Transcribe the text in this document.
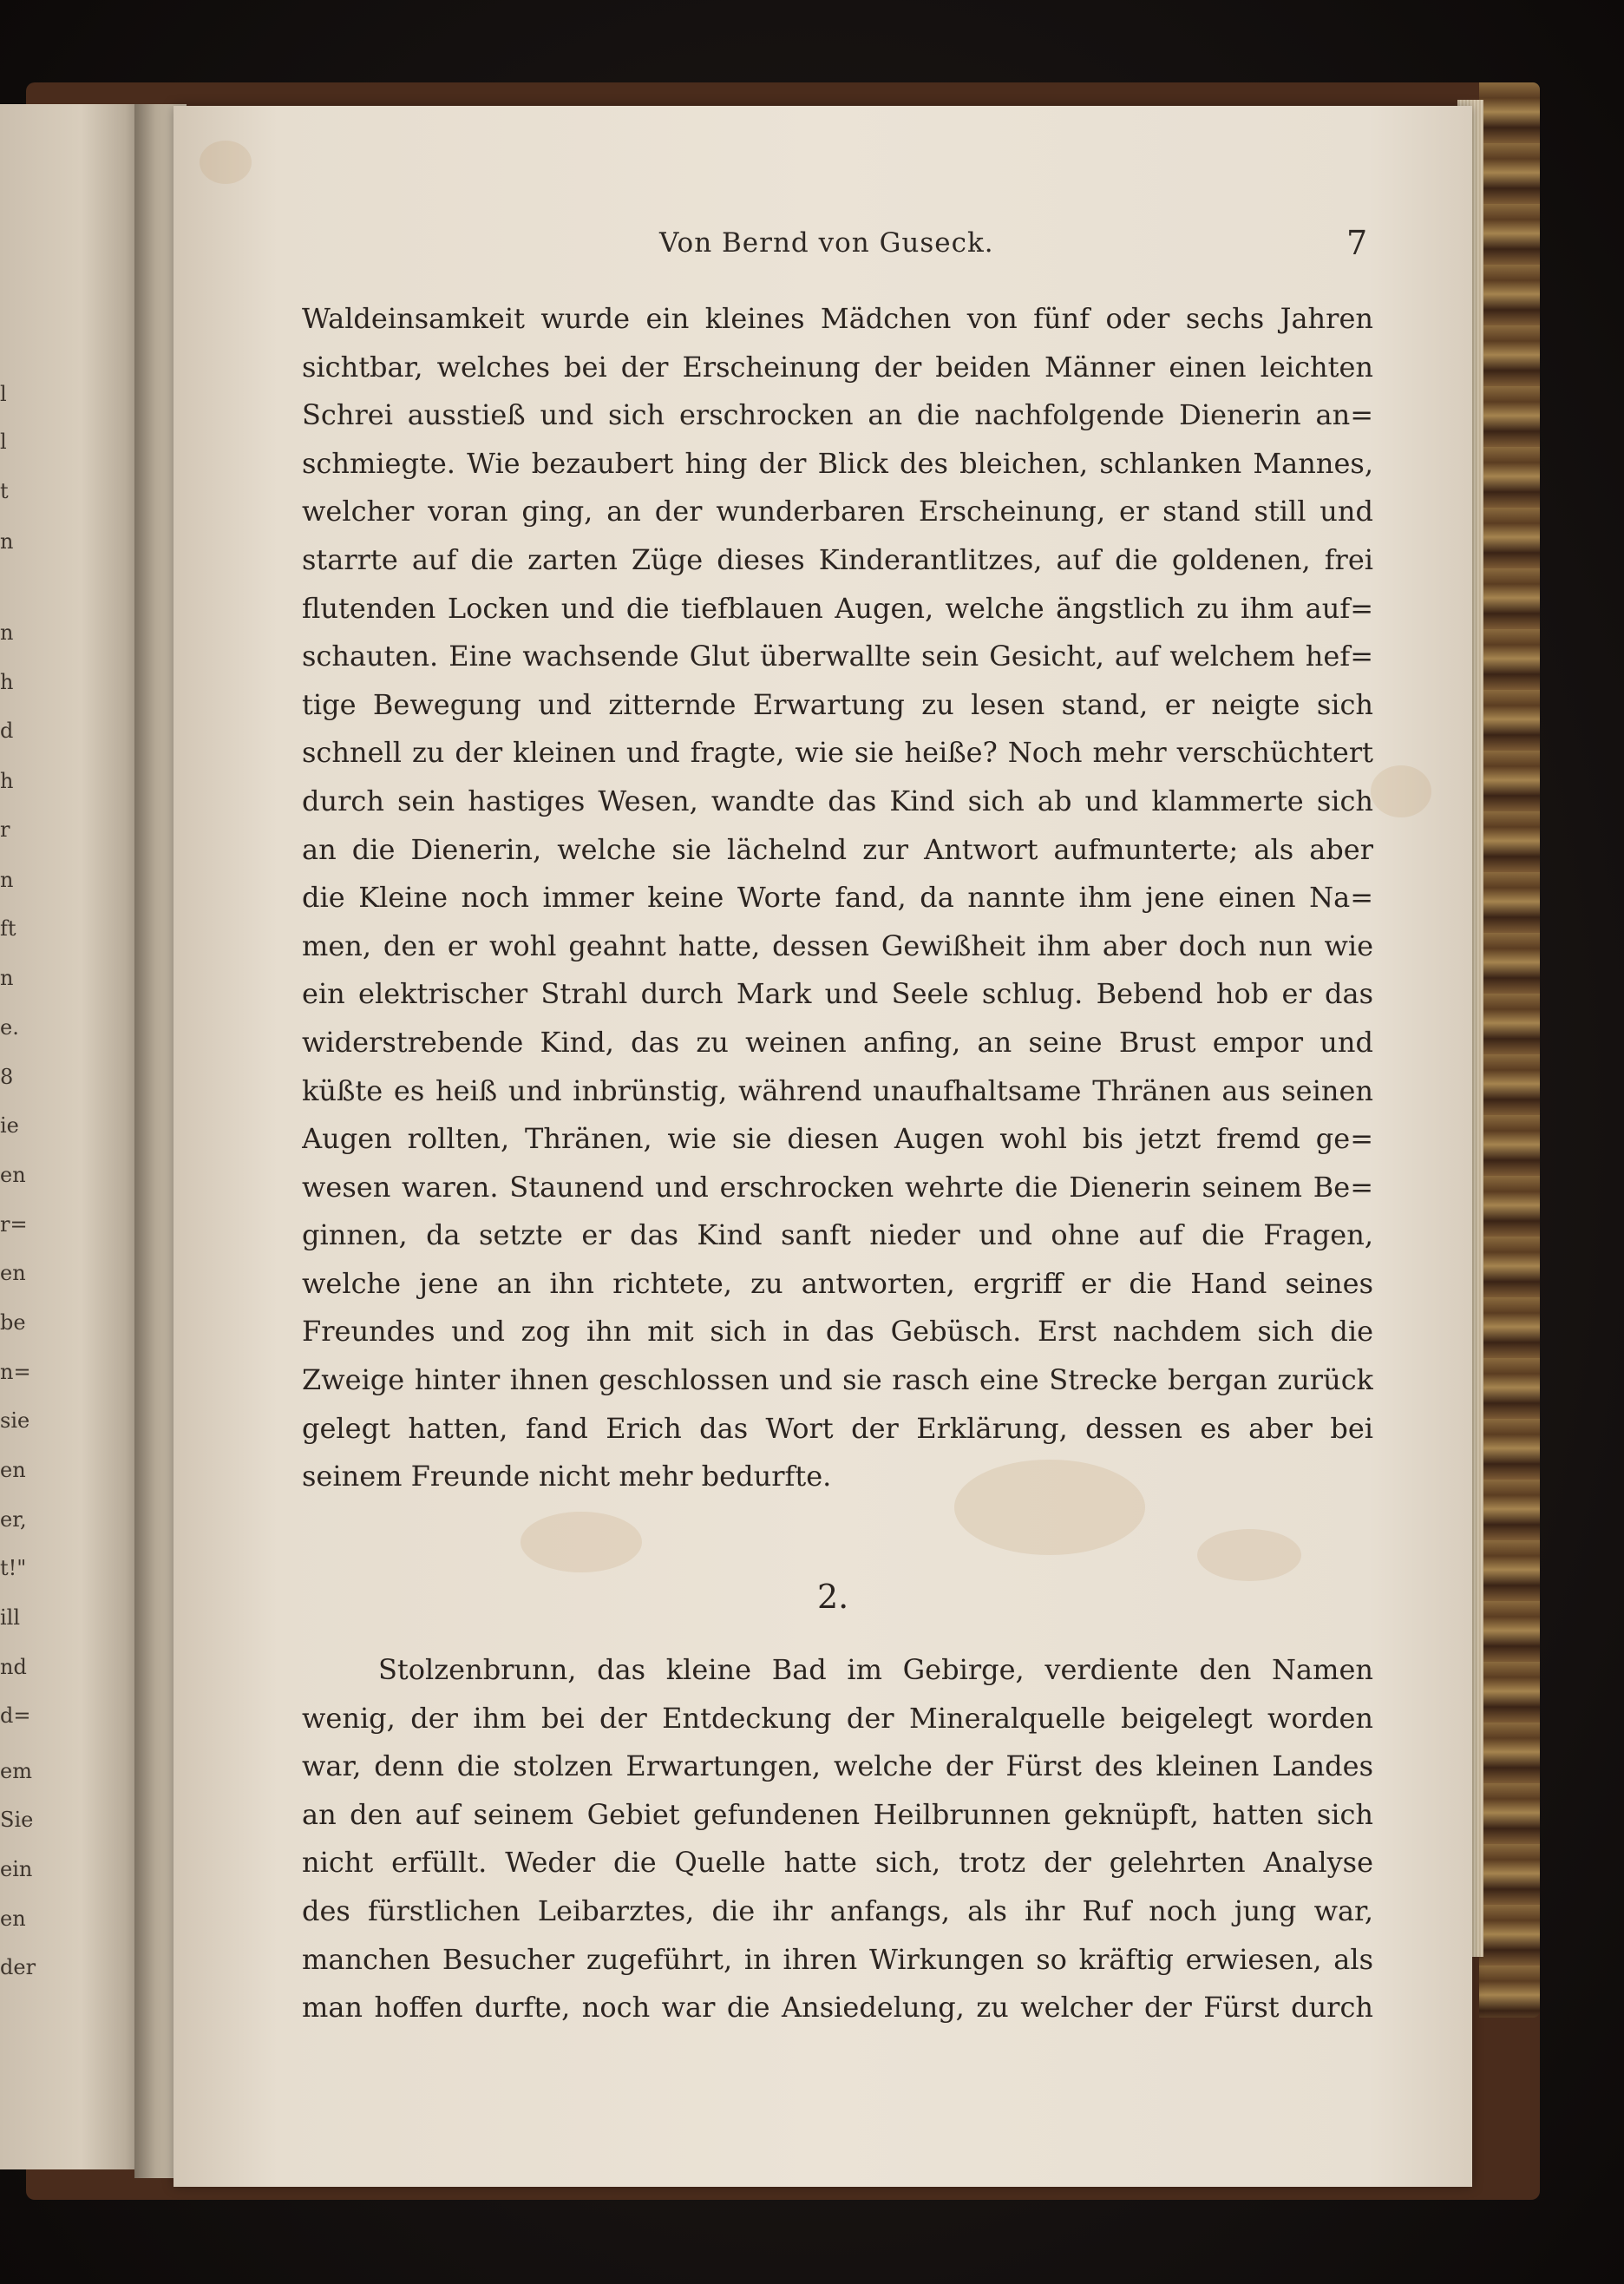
l
l
t
n
n
h
d
h
r
n
ft
n
e.
8
ie
en
r=
en
be
n=
sie
en
er,
t!"
ill
nd
d=
em
Sie
ein
en
der
Von Bernd von Guseck.	7
Waldeinsamkeit wurde ein kleines Mädchen von fünf oder sechs Jahren
sichtbar, welches bei der Erscheinung der beiden Männer einen leichten
Schrei ausstieß und sich erschrocken an die nachfolgende Dienerin an=
schmiegte. Wie bezaubert hing der Blick des bleichen, schlanken Mannes,
welcher voran ging, an der wunderbaren Erscheinung, er stand still und
starrte auf die zarten Züge dieses Kinderantlitzes, auf die goldenen, frei
flutenden Locken und die tiefblauen Augen, welche ängstlich zu ihm auf=
schauten. Eine wachsende Glut überwallte sein Gesicht, auf welchem hef=
tige Bewegung und zitternde Erwartung zu lesen stand, er neigte sich
schnell zu der kleinen und fragte, wie sie heiße? Noch mehr verschüchtert
durch sein hastiges Wesen, wandte das Kind sich ab und klammerte sich
an die Dienerin, welche sie lächelnd zur Antwort aufmunterte; als aber
die Kleine noch immer keine Worte fand, da nannte ihm jene einen Na=
men, den er wohl geahnt hatte, dessen Gewißheit ihm aber doch nun wie
ein elektrischer Strahl durch Mark und Seele schlug. Bebend hob er das
widerstrebende Kind, das zu weinen anfing, an seine Brust empor und
küßte es heiß und inbrünstig, während unaufhaltsame Thränen aus seinen
Augen rollten, Thränen, wie sie diesen Augen wohl bis jetzt fremd ge=
wesen waren. Staunend und erschrocken wehrte die Dienerin seinem Be=
ginnen, da setzte er das Kind sanft nieder und ohne auf die Fragen,
welche jene an ihn richtete, zu antworten, ergriff er die Hand seines
Freundes und zog ihn mit sich in das Gebüsch. Erst nachdem sich die
Zweige hinter ihnen geschlossen und sie rasch eine Strecke bergan zurück
gelegt hatten, fand Erich das Wort der Erklärung, dessen es aber bei
seinem Freunde nicht mehr bedurfte.
2.
Stolzenbrunn, das kleine Bad im Gebirge, verdiente den Namen
wenig, der ihm bei der Entdeckung der Mineralquelle beigelegt worden
war, denn die stolzen Erwartungen, welche der Fürst des kleinen Landes
an den auf seinem Gebiet gefundenen Heilbrunnen geknüpft, hatten sich
nicht erfüllt. Weder die Quelle hatte sich, trotz der gelehrten Analyse
des fürstlichen Leibarztes, die ihr anfangs, als ihr Ruf noch jung war,
manchen Besucher zugeführt, in ihren Wirkungen so kräftig erwiesen, als
man hoffen durfte, noch war die Ansiedelung, zu welcher der Fürst durch
